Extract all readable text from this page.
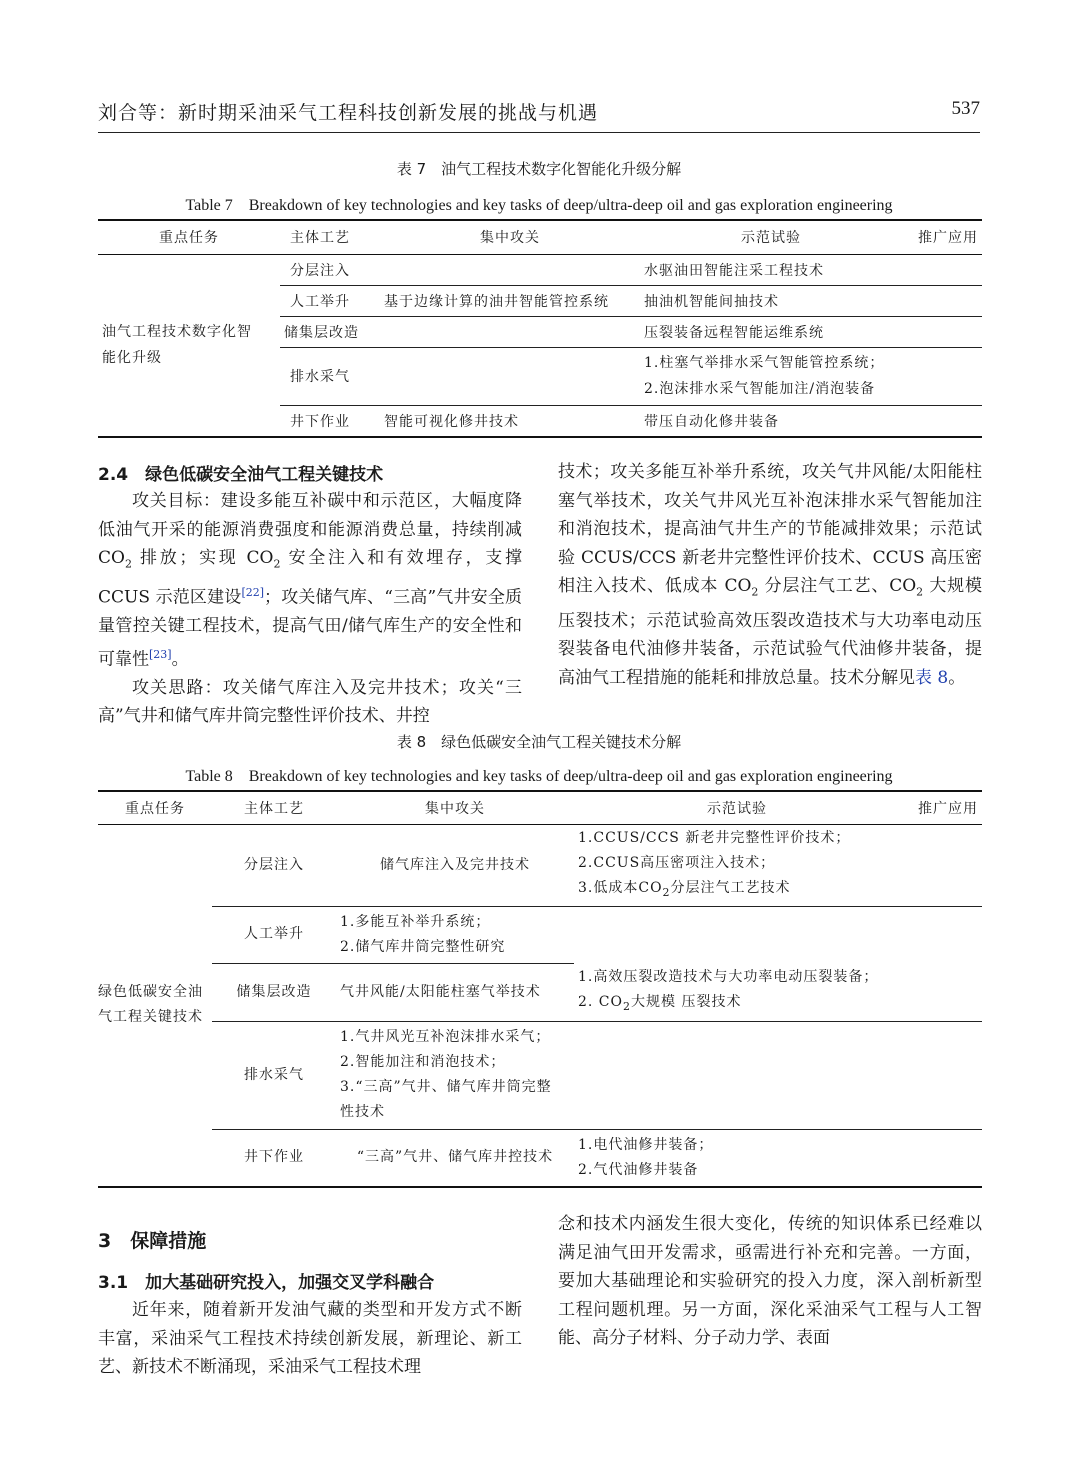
刘合等：新时期采油采气工程科技创新发展的挑战与机遇	537
表 7　油气工程技术数字化智能化升级分解
Table 7　Breakdown of key technologies and key tasks of deep/ultra-deep oil and gas exploration engineering
重点任务	主体工艺	集中攻关	示范试验	推广应用
油气工程技术数字化智能化升级	分层注入		水驱油田智能注采工程技术	
	人工举升	基于边缘计算的油井智能管控系统	抽油机智能间抽技术	
	储集层改造		压裂装备远程智能运维系统	
	排水采气		1.柱塞气举排水采气智能管控系统；
2.泡沫排水采气智能加注/消泡装备	

	井下作业	智能可视化修井技术	带压自动化修井装备	
2.4　绿色低碳安全油气工程关键技术

攻关目标：建设多能互补碳中和示范区，大幅度降低油气开采的能源消费强度和能源消费总量，持续削减 $CO_2$ 排放；实现 $CO_2$ 安全注入和有效埋存，支撑 CCUS 示范区建设[22]；攻关储气库、“三高”气井安全质量管控关键工程技术，提高气田/储气库生产的安全性和可靠性[23]。

攻关思路：攻关储气库注入及完井技术；攻关“三高”气井和储气库井筒完整性评价技术、井控

技术；攻关多能互补举升系统，攻关气井风能/太阳能柱塞气举技术，攻关气井风光互补泡沫排水采气智能加注和消泡技术，提高油气井生产的节能减排效果；示范试验 CCUS/CCS 新老井完整性评价技术、CCUS 高压密相注入技术、低成本 $CO_2$ 分层注气工艺、$CO_2$ 大规模压裂技术；示范试验高效压裂改造技术与大功率电动压裂装备电代油修井装备，示范试验气代油修井装备，提高油气工程措施的能耗和排放总量。技术分解见表 8。

表 8　绿色低碳安全油气工程关键技术分解
Table 8　Breakdown of key technologies and key tasks of deep/ultra-deep oil and gas exploration engineering
重点任务	主体工艺	集中攻关	示范试验	推广应用
绿色低碳安全油气工程关键技术	分层注入	储气库注入及完井技术	1.CCUS/CCS 新老井完整性评价技术；
2.CCUS高压密项注入技术；
3.低成本$CO_2$分层注气工艺技术	

	人工举升	1.多能互补举升系统；
2.储气库井筒完整性研究		

	储集层改造	气井风能/太阳能柱塞气举技术	1.高效压裂改造技术与大功率电动压裂装备；
2. $CO_2$大规模 压裂技术	

	排水采气	1.气井风光互补泡沫排水采气；
2.智能加注和消泡技术；
3.“三高”气井、储气库井筒完整
性技术		

	井下作业	“三高”气井、储气库井控技术	1.电代油修井装备；
2.气代油修井装备	

3　保障措施
3.1　加大基础研究投入，加强交叉学科融合

近年来，随着新开发油气藏的类型和开发方式不断丰富，采油采气工程技术持续创新发展，新理论、新工艺、新技术不断涌现，采油采气工程技术理

念和技术内涵发生很大变化，传统的知识体系已经难以满足油气田开发需求，亟需进行补充和完善。一方面，要加大基础理论和实验研究的投入力度，深入剖析新型工程问题机理。另一方面，深化采油采气工程与人工智能、高分子材料、分子动力学、表面
